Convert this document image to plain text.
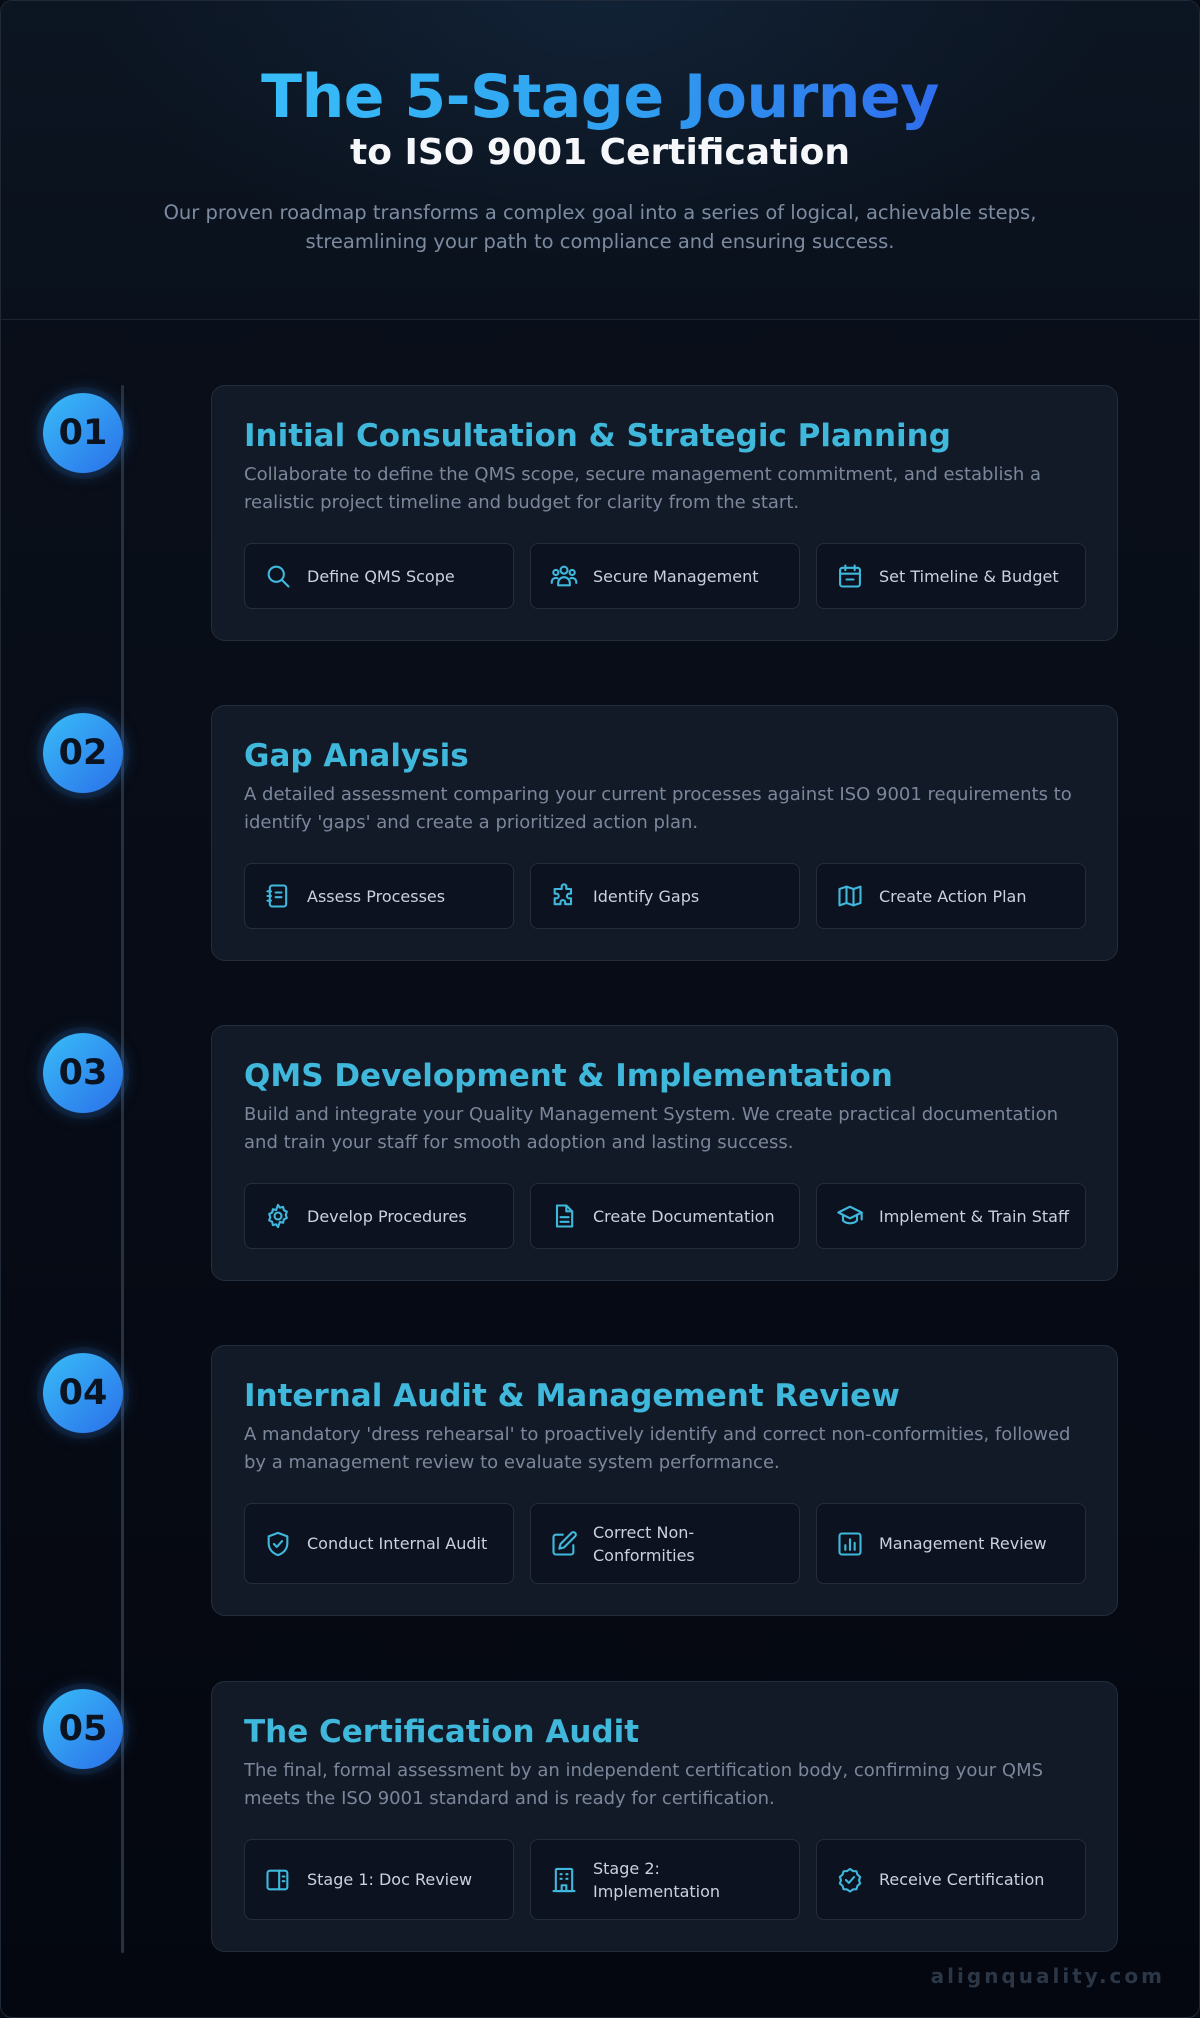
The 5-Stage Journey
to ISO 9001 Certification
Our proven roadmap transforms a complex goal into a series of logical, achievable steps, streamlining your path to compliance and ensuring success.
01	Initial Consultation & Strategic Planning
Collaborate to define the QMS scope, secure management commitment, and establish a realistic project timeline and budget for clarity from the start.
Define QMS Scope	Secure Management	Set Timeline & Budget
02	Gap Analysis
A detailed assessment comparing your current processes against ISO 9001 requirements to identify 'gaps' and create a prioritized action plan.
Assess Processes	Identify Gaps	Create Action Plan
03	QMS Development & Implementation
Build and integrate your Quality Management System. We create practical documentation and train your staff for smooth adoption and lasting success.
Develop Procedures	Create Documentation	Implement & Train Staff
04	Internal Audit & Management Review
A mandatory 'dress rehearsal' to proactively identify and correct non-conformities, followed by a management review to evaluate system performance.
Conduct Internal Audit
Correct Non-Conformities
Management Review
05	The Certification Audit
The final, formal assessment by an independent certification body, confirming your QMS meets the ISO 9001 standard and is ready for certification.
Stage 1: Doc Review
Stage 2: Implementation
Receive Certification
alignquality.com
